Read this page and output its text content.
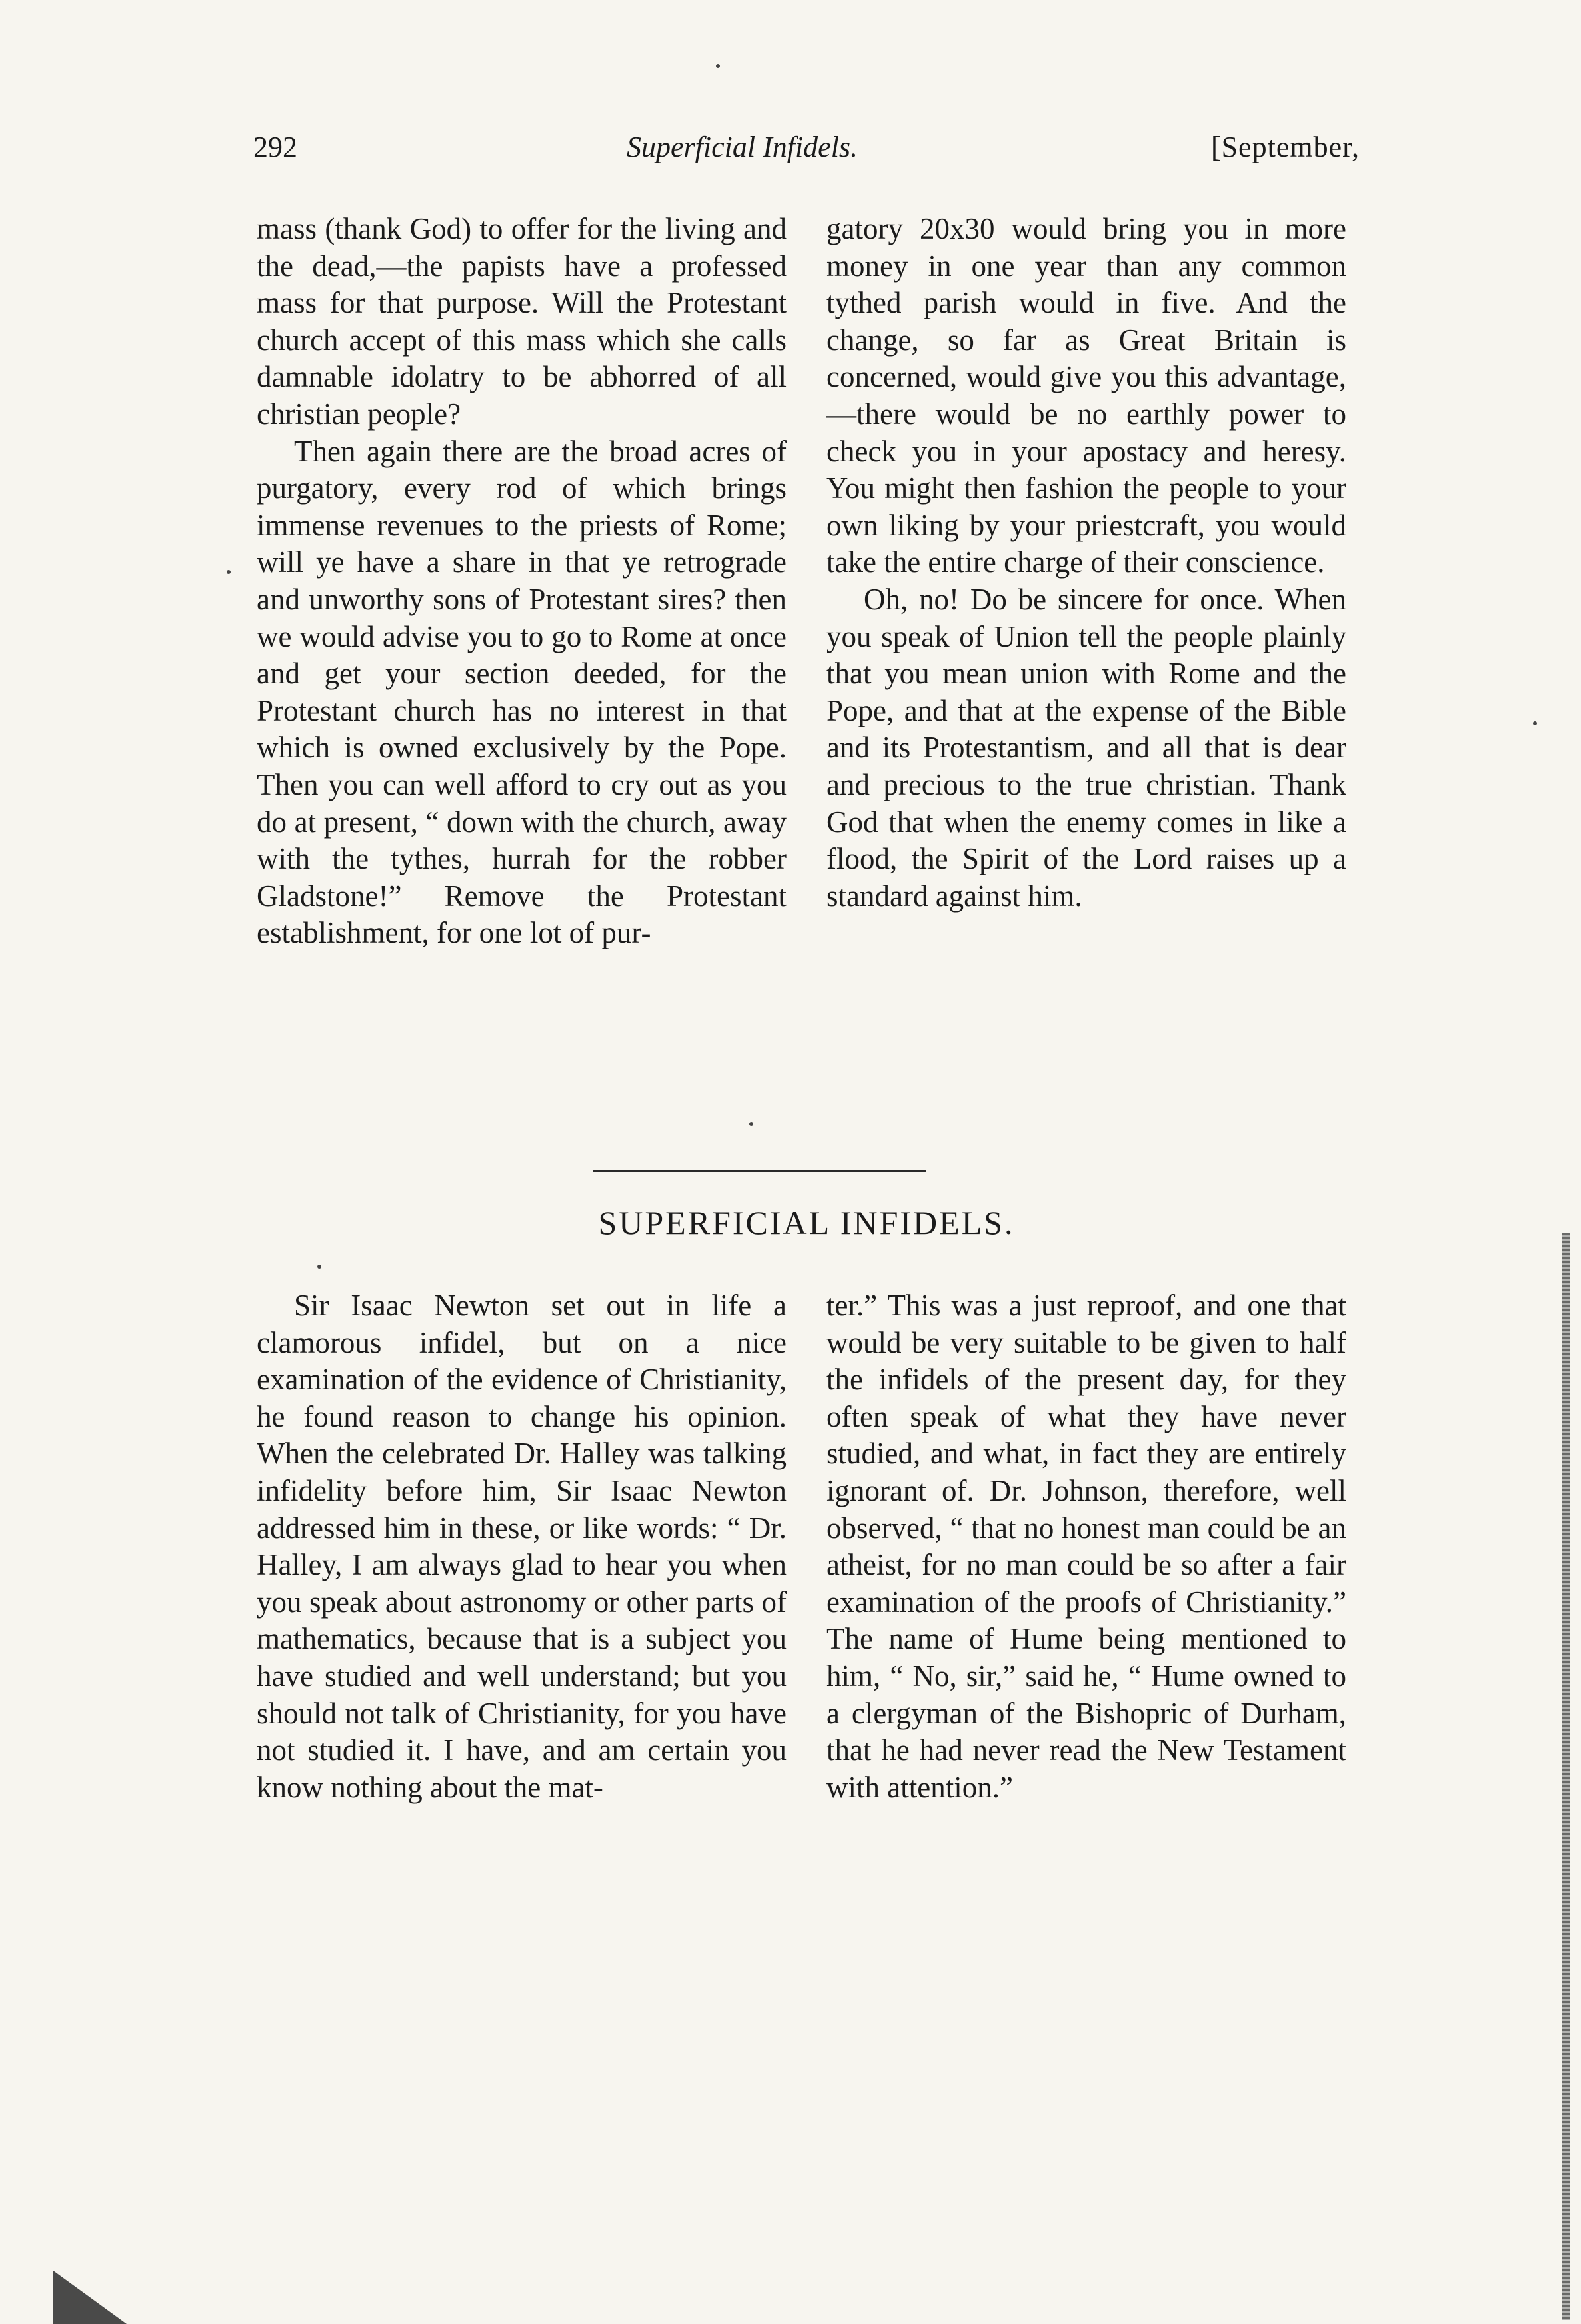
292	Superficial Infidels.	[September,

mass (thank God) to offer for the living and the dead,—the papists have a professed mass for that purpose. Will the Protestant church accept of this mass which she calls damnable idolatry to be abhorred of all christian people?

Then again there are the broad acres of purgatory, every rod of which brings immense revenues to the priests of Rome; will ye have a share in that ye retrograde and unworthy sons of Protestant sires? then we would advise you to go to Rome at once and get your section deeded, for the Protestant church has no interest in that which is owned exclusively by the Pope. Then you can well afford to cry out as you do at present, “ down with the church, away with the tythes, hurrah for the robber Gladstone!” Remove the Protestant establishment, for one lot of pur-

gatory 20x30 would bring you in more money in one year than any common tythed parish would in five. And the change, so far as Great Britain is concerned, would give you this advantage, —there would be no earthly power to check you in your apostacy and heresy. You might then fashion the people to your own liking by your priestcraft, you would take the entire charge of their conscience.

Oh, no! Do be sincere for once. When you speak of Union tell the people plainly that you mean union with Rome and the Pope, and that at the expense of the Bible and its Protestantism, and all that is dear and precious to the true christian. Thank God that when the enemy comes in like a flood, the Spirit of the Lord raises up a standard against him.

SUPERFICIAL INFIDELS.

Sir Isaac Newton set out in life a clamorous infidel, but on a nice examination of the evidence of Christianity, he found reason to change his opinion. When the celebrated Dr. Halley was talking infidelity before him, Sir Isaac Newton addressed him in these, or like words: “ Dr. Halley, I am always glad to hear you when you speak about astronomy or other parts of mathematics, because that is a subject you have studied and well understand; but you should not talk of Christianity, for you have not studied it. I have, and am certain you know nothing about the mat-

ter.” This was a just reproof, and one that would be very suitable to be given to half the infidels of the present day, for they often speak of what they have never studied, and what, in fact they are entirely ignorant of. Dr. Johnson, therefore, well observed, “ that no honest man could be an atheist, for no man could be so after a fair examination of the proofs of Christianity.” The name of Hume being mentioned to him, “ No, sir,” said he, “ Hume owned to a clergyman of the Bishopric of Durham, that he had never read the New Testament with attention.”
